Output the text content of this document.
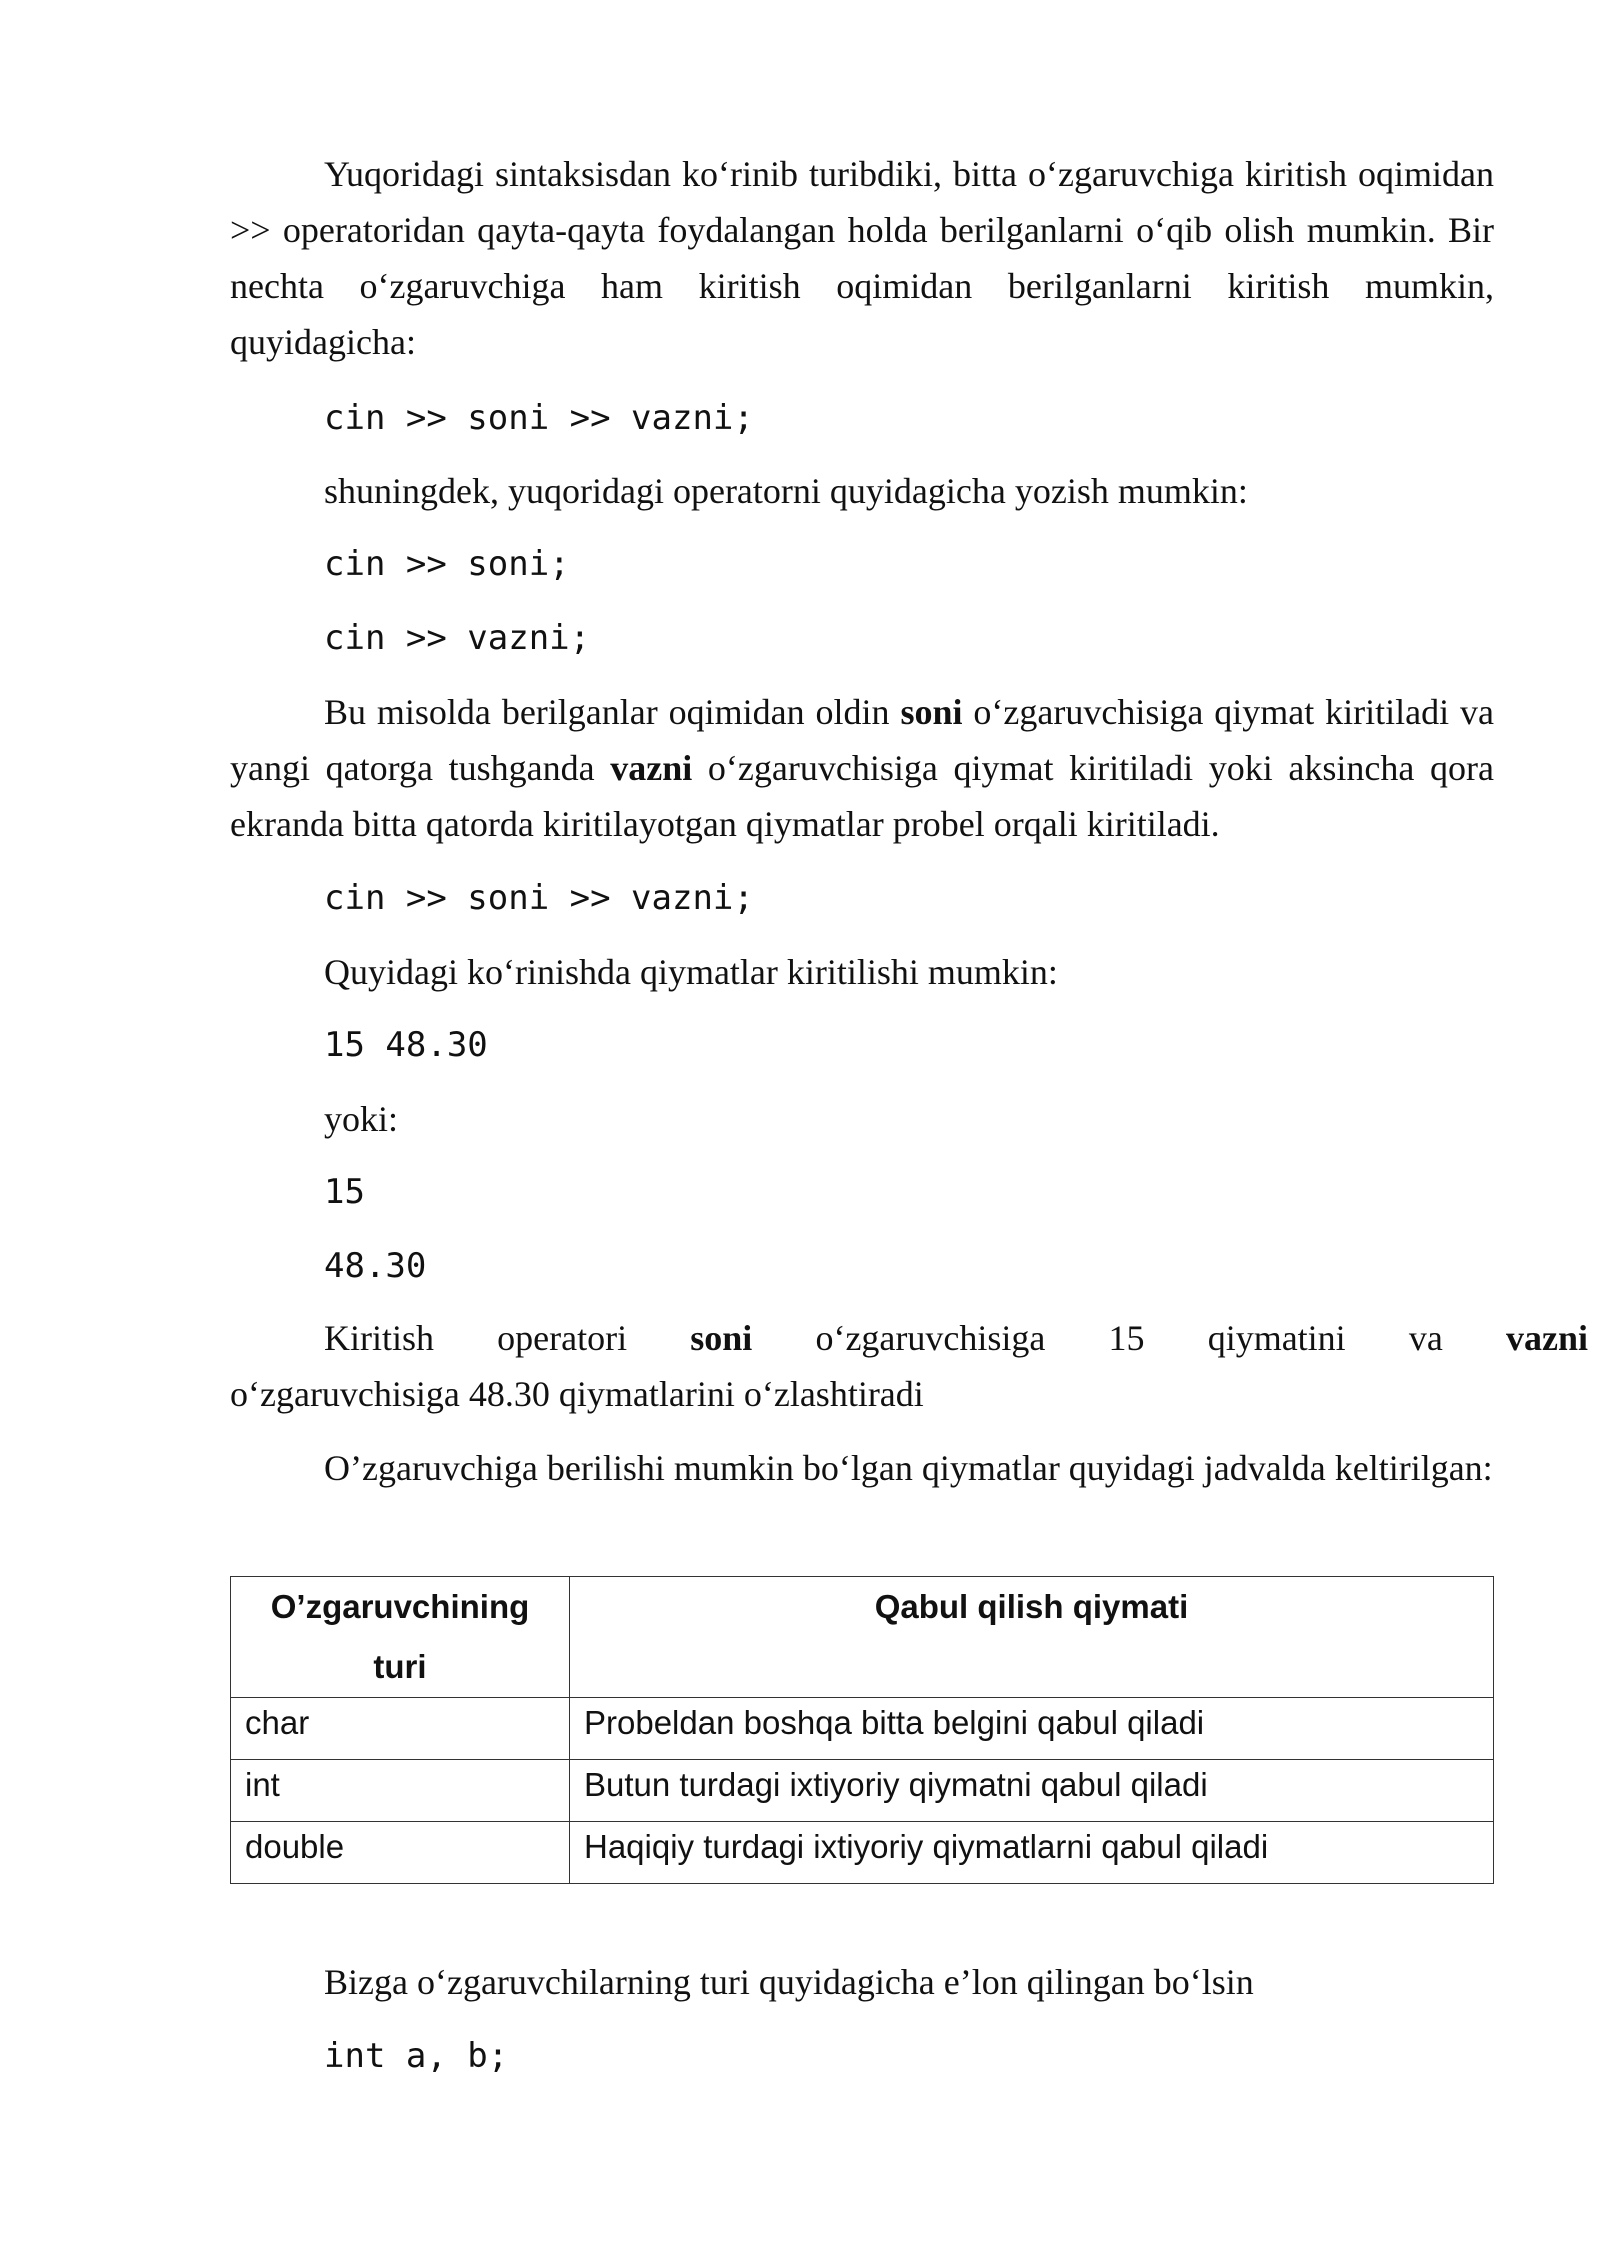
Yuqoridagi sintaksisdan ko‘rinib turibdiki, bitta o‘zgaruvchiga kiritish oqimidan >> operatoridan qayta-qayta foydalangan holda berilganlarni o‘qib olish mumkin. Bir nechta o‘zgaruvchiga ham kiritish oqimidan berilganlarni kiritish mumkin, quyidagicha:

cin >> soni >> vazni;
shuningdek, yuqoridagi operatorni quyidagicha yozish mumkin:
cin >> soni;
cin >> vazni;

Bu misolda berilganlar oqimidan oldin soni o‘zgaruvchisiga qiymat kiritiladi va yangi qatorga tushganda vazni o‘zgaruvchisiga qiymat kiritiladi yoki aksincha qora ekranda bitta qatorda kiritilayotgan qiymatlar probel orqali kiritiladi.

cin >> soni >> vazni;
Quyidagi ko‘rinishda qiymatlar kiritilishi mumkin:
15 48.30
yoki:
15
48.30
Kiritish operatori soni o‘zgaruvchisiga 15 qiymatini va vazni
o‘zgaruvchisiga 48.30 qiymatlarini o‘zlashtiradi

O’zgaruvchiga berilishi mumkin bo‘lgan qiymatlar quyidagi jadvalda keltirilgan:

O’zgaruvchining turi	Qabul qilish qiymati
char	Probeldan boshqa bitta belgini qabul qiladi
int	Butun turdagi ixtiyoriy qiymatni qabul qiladi
double	Haqiqiy turdagi ixtiyoriy qiymatlarni qabul qiladi
Bizga o‘zgaruvchilarning turi quyidagicha e’lon qilingan bo‘lsin
int a, b;
